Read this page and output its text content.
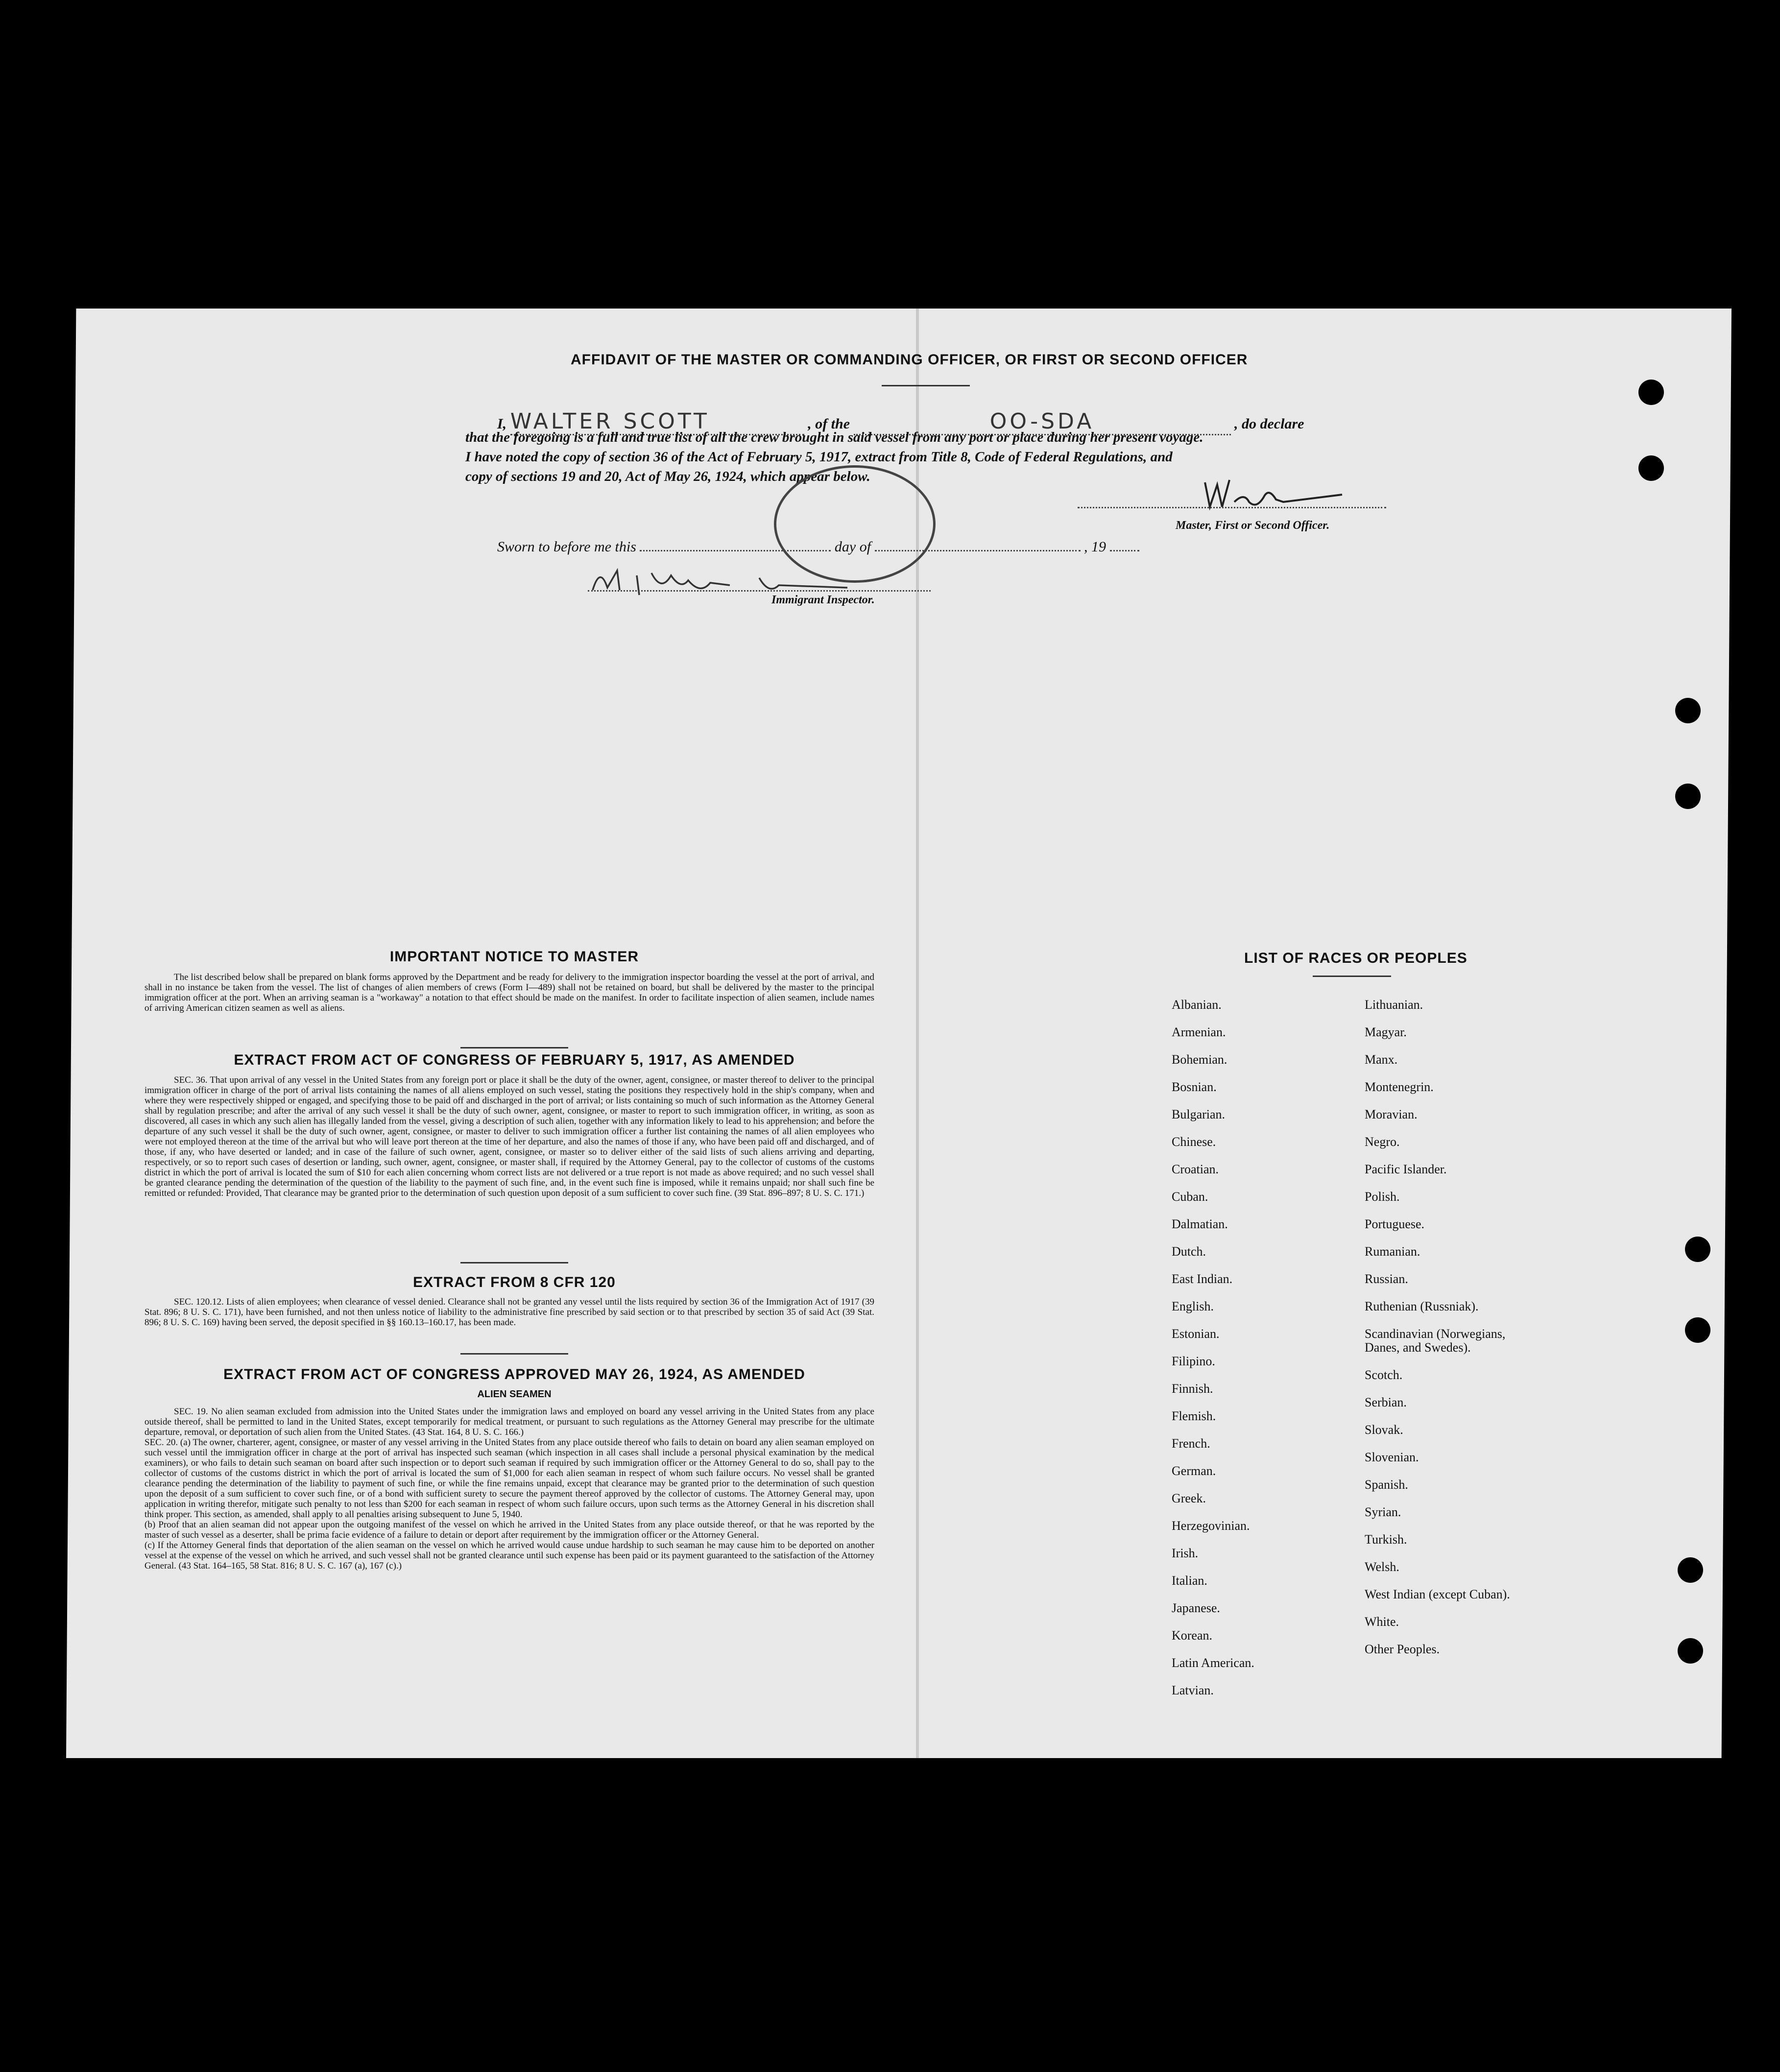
AFFIDAVIT OF THE MASTER OR COMMANDING OFFICER, OR FIRST OR SECOND OFFICER
I, WALTER SCOTT	, of the	OO-SDA	, do declare
that the foregoing is a full and true list of all the crew brought in said vessel from any port or place during her present voyage.
I have noted the copy of section 36 of the Act of February 5, 1917, extract from Title 8, Code of Federal Regulations, and
copy of sections 19 and 20, Act of May 26, 1924, which appear below.
Master, First or Second Officer.
Sworn to before me this	day of	, 19
Immigrant Inspector.
IMPORTANT NOTICE TO MASTER
The list described below shall be prepared on blank forms approved by the Department and be ready for delivery to the immigration inspector boarding the vessel at the port of arrival, and shall in no instance be taken from the vessel. The list of changes of alien members of crews (Form I—489) shall not be retained on board, but shall be delivered by the master to the principal immigration officer at the port. When an arriving seaman is a "workaway" a notation to that effect should be made on the manifest. In order to facilitate inspection of alien seamen, include names of arriving American citizen seamen as well as aliens.
EXTRACT FROM ACT OF CONGRESS OF FEBRUARY 5, 1917, AS AMENDED
SEC. 36. That upon arrival of any vessel in the United States from any foreign port or place it shall be the duty of the owner, agent, consignee, or master thereof to deliver to the principal immigration officer in charge of the port of arrival lists containing the names of all aliens employed on such vessel, stating the positions they respectively hold in the ship's company, when and where they were respectively shipped or engaged, and specifying those to be paid off and discharged in the port of arrival; or lists containing so much of such information as the Attorney General shall by regulation prescribe; and after the arrival of any such vessel it shall be the duty of such owner, agent, consignee, or master to report to such immigration officer, in writing, as soon as discovered, all cases in which any such alien has illegally landed from the vessel, giving a description of such alien, together with any information likely to lead to his apprehension; and before the departure of any such vessel it shall be the duty of such owner, agent, consignee, or master to deliver to such immigration officer a further list containing the names of all alien employees who were not employed thereon at the time of the arrival but who will leave port thereon at the time of her departure, and also the names of those if any, who have been paid off and discharged, and of those, if any, who have deserted or landed; and in case of the failure of such owner, agent, consignee, or master so to deliver either of the said lists of such aliens arriving and departing, respectively, or so to report such cases of desertion or landing, such owner, agent, consignee, or master shall, if required by the Attorney General, pay to the collector of customs of the customs district in which the port of arrival is located the sum of $10 for each alien concerning whom correct lists are not delivered or a true report is not made as above required; and no such vessel shall be granted clearance pending the determination of the question of the liability to the payment of such fine, and, in the event such fine is imposed, while it remains unpaid; nor shall such fine be remitted or refunded: Provided, That clearance may be granted prior to the determination of such question upon deposit of a sum sufficient to cover such fine. (39 Stat. 896–897; 8 U. S. C. 171.)
EXTRACT FROM 8 CFR 120
SEC. 120.12. Lists of alien employees; when clearance of vessel denied. Clearance shall not be granted any vessel until the lists required by section 36 of the Immigration Act of 1917 (39 Stat. 896; 8 U. S. C. 171), have been furnished, and not then unless notice of liability to the administrative fine prescribed by said section or to that prescribed by section 35 of said Act (39 Stat. 896; 8 U. S. C. 169) having been served, the deposit specified in §§ 160.13–160.17, has been made.
EXTRACT FROM ACT OF CONGRESS APPROVED MAY 26, 1924, AS AMENDED
ALIEN SEAMEN
SEC. 19. No alien seaman excluded from admission into the United States under the immigration laws and employed on board any vessel arriving in the United States from any place outside thereof, shall be permitted to land in the United States, except temporarily for medical treatment, or pursuant to such regulations as the Attorney General may prescribe for the ultimate departure, removal, or deportation of such alien from the United States. (43 Stat. 164, 8 U. S. C. 166.)
SEC. 20. (a) The owner, charterer, agent, consignee, or master of any vessel arriving in the United States from any place outside thereof who fails to detain on board any alien seaman employed on such vessel until the immigration officer in charge at the port of arrival has inspected such seaman (which inspection in all cases shall include a personal physical examination by the medical examiners), or who fails to detain such seaman on board after such inspection or to deport such seaman if required by such immigration officer or the Attorney General to do so, shall pay to the collector of customs of the customs district in which the port of arrival is located the sum of $1,000 for each alien seaman in respect of whom such failure occurs. No vessel shall be granted clearance pending the determination of the liability to payment of such fine, or while the fine remains unpaid, except that clearance may be granted prior to the determination of such question upon the deposit of a sum sufficient to cover such fine, or of a bond with sufficient surety to secure the payment thereof approved by the collector of customs. The Attorney General may, upon application in writing therefor, mitigate such penalty to not less than $200 for each seaman in respect of whom such failure occurs, upon such terms as the Attorney General in his discretion shall think proper. This section, as amended, shall apply to all penalties arising subsequent to June 5, 1940.
(b) Proof that an alien seaman did not appear upon the outgoing manifest of the vessel on which he arrived in the United States from any place outside thereof, or that he was reported by the master of such vessel as a deserter, shall be prima facie evidence of a failure to detain or deport after requirement by the immigration officer or the Attorney General.
(c) If the Attorney General finds that deportation of the alien seaman on the vessel on which he arrived would cause undue hardship to such seaman he may cause him to be deported on another vessel at the expense of the vessel on which he arrived, and such vessel shall not be granted clearance until such expense has been paid or its payment guaranteed to the satisfaction of the Attorney General. (43 Stat. 164–165, 58 Stat. 816; 8 U. S. C. 167 (a), 167 (c).)
LIST OF RACES OR PEOPLES
Albanian.
Armenian.
Bohemian.
Bosnian.
Bulgarian.
Chinese.
Croatian.
Cuban.
Dalmatian.
Dutch.
East Indian.
English.
Estonian.
Filipino.
Finnish.
Flemish.
French.
German.
Greek.
Herzegovinian.
Irish.
Italian.
Japanese.
Korean.
Latin American.
Latvian.
Lithuanian.
Magyar.
Manx.
Montenegrin.
Moravian.
Negro.
Pacific Islander.
Polish.
Portuguese.
Rumanian.
Russian.
Ruthenian (Russniak).
Scandinavian (Norwegians,
Danes, and Swedes).
Scotch.
Serbian.
Slovak.
Slovenian.
Spanish.
Syrian.
Turkish.
Welsh.
West Indian (except Cuban).
White.
Other Peoples.
